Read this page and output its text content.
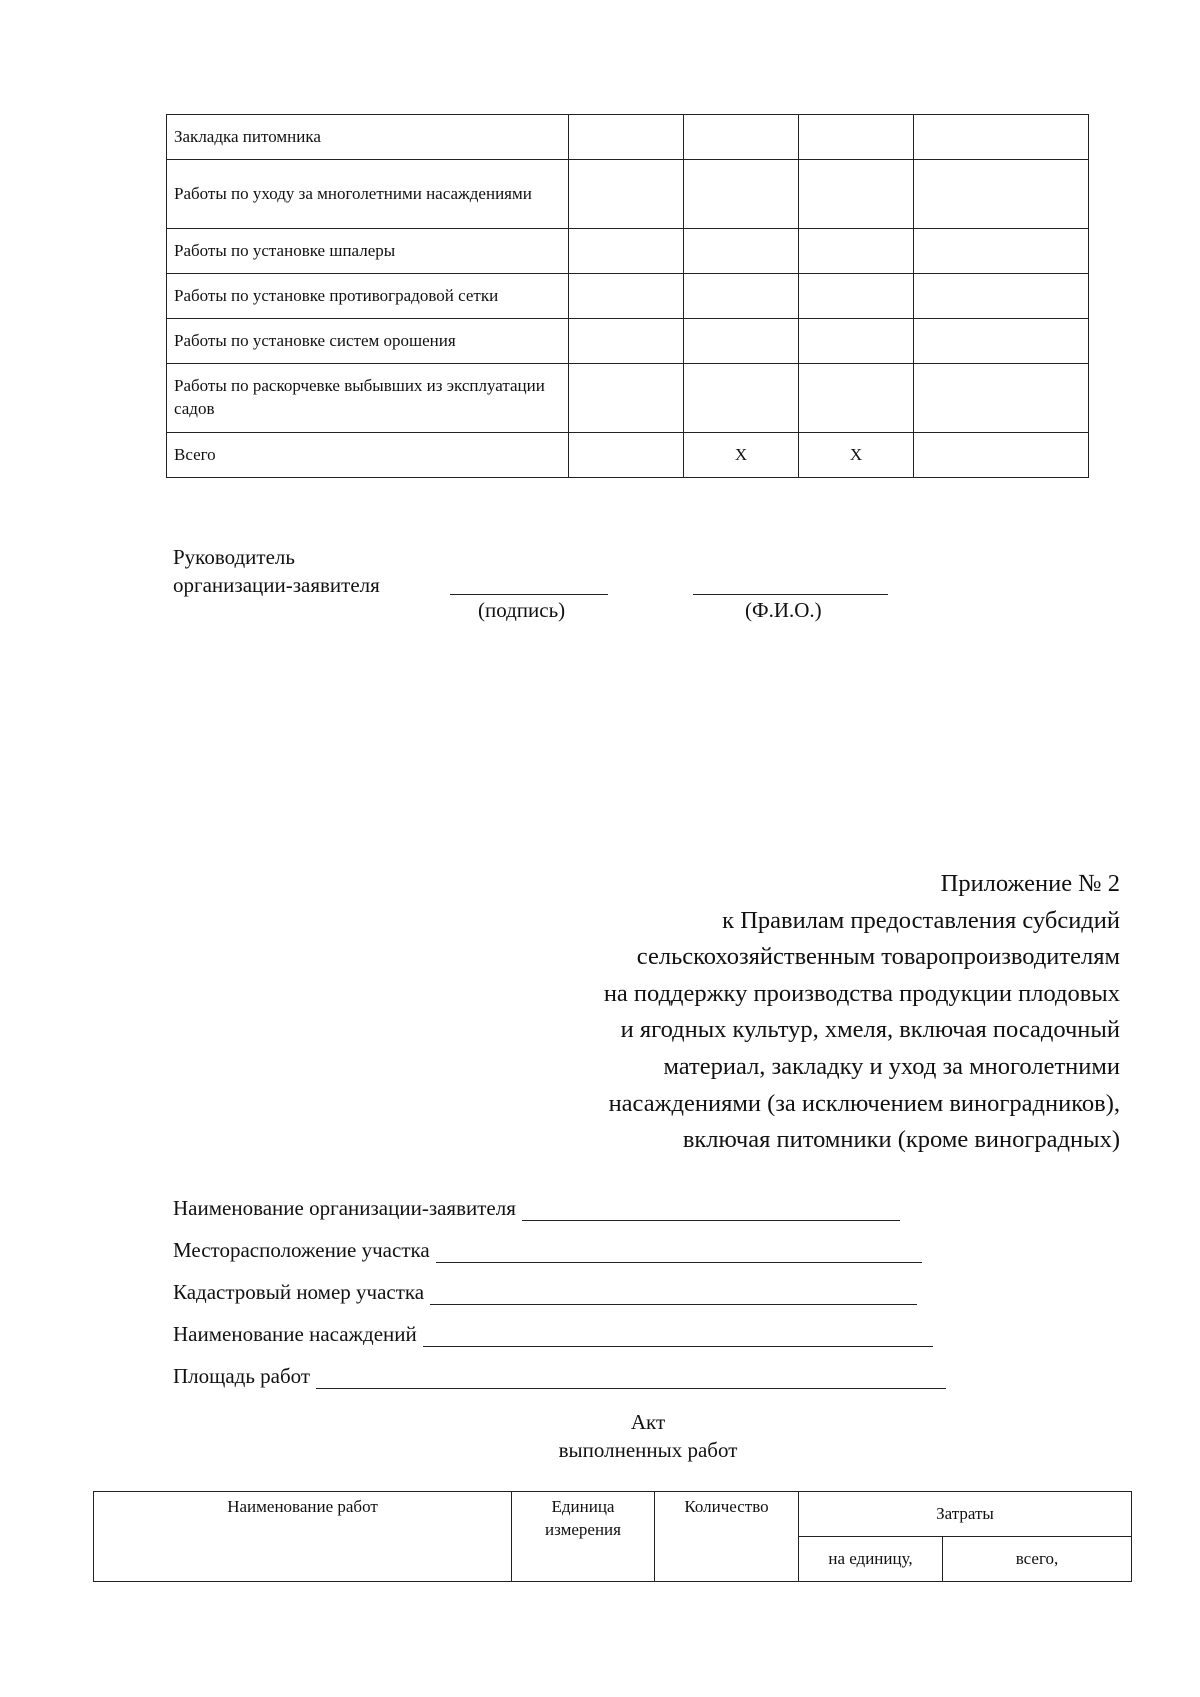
Закладка питомника				
Работы по уходу за многолетними насаждениями				
Работы по установке шпалеры				
Работы по установке противоградовой сетки				
Работы по установке систем орошения				
Работы по раскорчевке выбывших из эксплуатации садов				
Всего		X	X	
Руководитель
организации-заявителя
(подпись)	(Ф.И.О.)
Приложение № 2
к Правилам предоставления субсидий
сельскохозяйственным товаропроизводителям
на поддержку производства продукции плодовых
и ягодных культур, хмеля, включая посадочный
материал, закладку и уход за многолетними
насаждениями (за исключением виноградников),
включая питомники (кроме виноградных)
Наименование организации-заявителя
Месторасположение участка
Кадастровый номер участка
Наименование насаждений
Площадь работ
Акт
выполненных работ
Наименование работ	Единица измерения	Количество	Затраты	
			на единицу,	всего,
